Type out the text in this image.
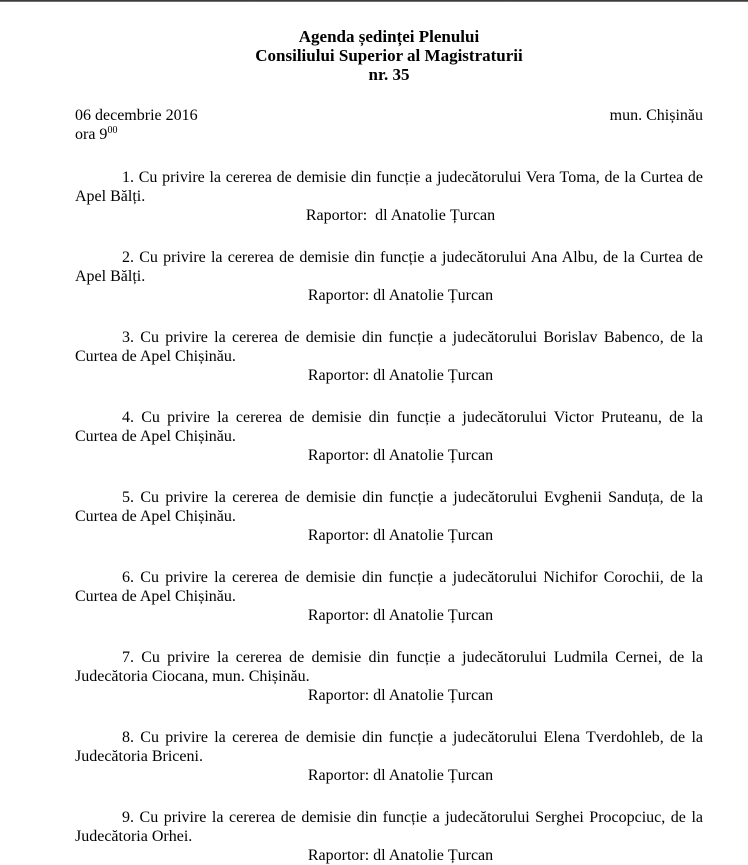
Agenda ședinței Plenului
Consiliului Superior al Magistraturii
nr. 35
06 decembrie 2016	mun. Chișinău
ora $9^{00}$

1. Cu privire la cererea de demisie din funcție a judecătorului Vera Toma, de la Curtea de Apel Bălți.

Raportor:  dl Anatolie Țurcan

2. Cu privire la cererea de demisie din funcție a judecătorului Ana Albu, de la Curtea de Apel Bălți.

Raportor: dl Anatolie Țurcan

3. Cu privire la cererea de demisie din funcție a judecătorului Borislav Babenco, de la Curtea de Apel Chișinău.

Raportor: dl Anatolie Țurcan

4. Cu privire la cererea de demisie din funcție a judecătorului Victor Pruteanu, de la Curtea de Apel Chișinău.

Raportor: dl Anatolie Țurcan

5. Cu privire la cererea de demisie din funcție a judecătorului Evghenii Sanduța, de la Curtea de Apel Chișinău.

Raportor: dl Anatolie Țurcan

6. Cu privire la cererea de demisie din funcție a judecătorului Nichifor Corochii, de la Curtea de Apel Chișinău.

Raportor: dl Anatolie Țurcan

7. Cu privire la cererea de demisie din funcție a judecătorului Ludmila Cernei, de la Judecătoria Ciocana, mun. Chișinău.

Raportor: dl Anatolie Țurcan

8. Cu privire la cererea de demisie din funcție a judecătorului Elena Tverdohleb, de la Judecătoria Briceni.

Raportor: dl Anatolie Țurcan

9. Cu privire la cererea de demisie din funcție a judecătorului Serghei Procopciuc, de la Judecătoria Orhei.

Raportor: dl Anatolie Țurcan
